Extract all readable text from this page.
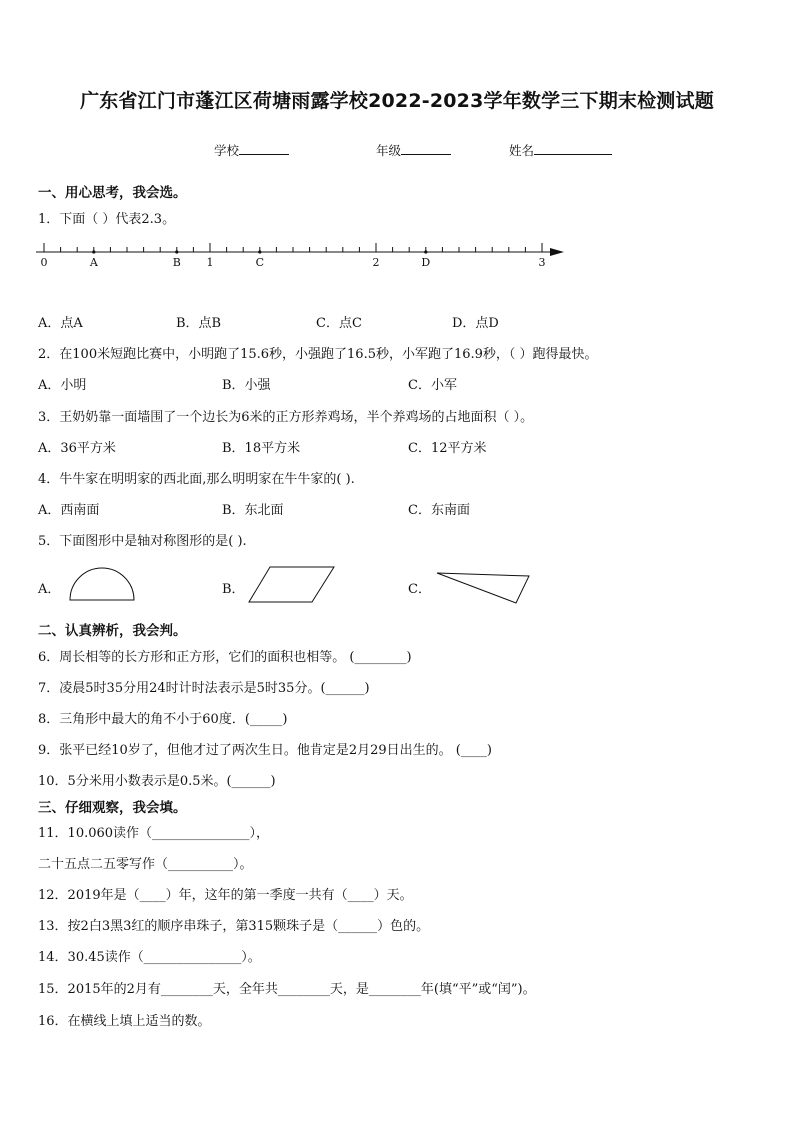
广东省江门市蓬江区荷塘雨露学校2022-2023学年数学三下期末检测试题
学校	年级	姓名
一、用心思考，我会选。
1．下面（ ）代表2.3。
0	1	2	3
A	B	C	D
A．点A	B．点B	C．点C	D．点D
2．在100米短跑比赛中，小明跑了15.6秒，小强跑了16.5秒，小军跑了16.9秒，（ ）跑得最快。
A．小明	B．小强	C．小军
3．王奶奶靠一面墙围了一个边长为6米的正方形养鸡场，半个养鸡场的占地面积（ ）。
A．36平方米	B．18平方米	C．12平方米
4．牛牛家在明明家的西北面,那么明明家在牛牛家的( ).
A．西南面	B．东北面	C．东南面
5．下面图形中是轴对称图形的是( ).
A．	B．	C．
二、认真辨析，我会判。
6．周长相等的长方形和正方形，它们的面积也相等。 (________)
7．凌晨5时35分用24时计时法表示是5时35分。(______)
8．三角形中最大的角不小于60度．(_____)
9．张平已经10岁了，但他才过了两次生日。他肯定是2月29日出生的。 (____)
10．5分米用小数表示是0.5米。(______)
三、仔细观察，我会填。
11．10.060读作（_______________），
二十五点二五零写作（__________）。
12．2019年是（____）年，这年的第一季度一共有（____）天。
13．按2白3黑3红的顺序串珠子，第315颗珠子是（______）色的。
14．30.45读作（_______________）。
15．2015年的2月有________天，全年共________天，是________年(填“平”或“闰”)。
16．在横线上填上适当的数。
